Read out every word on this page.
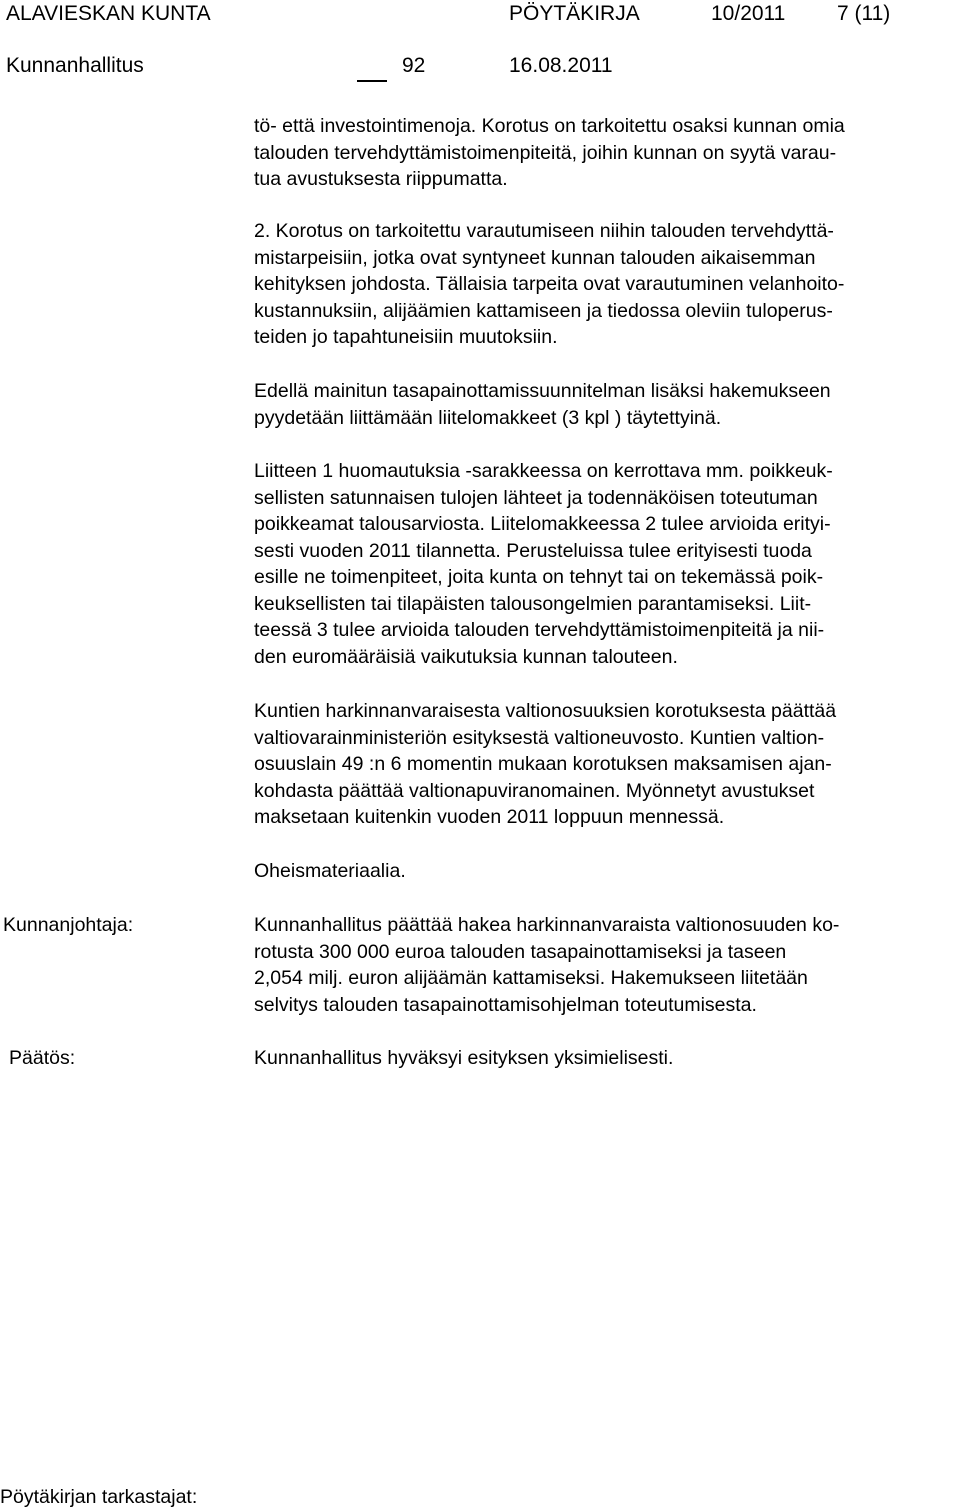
ALAVIESKAN KUNTA	PÖYTÄKIRJA	10/2011 7 (11)
Kunnanhallitus	92	16.08.2011
tö- että investointimenoja. Korotus on tarkoitettu osaksi kunnan omia
talouden tervehdyttämistoimenpiteitä, joihin kunnan on syytä varau-
tua avustuksesta riippumatta.
2. Korotus on tarkoitettu varautumiseen niihin talouden tervehdyttä-
mistarpeisiin, jotka ovat syntyneet kunnan talouden aikaisemman
kehityksen johdosta. Tällaisia tarpeita ovat varautuminen velanhoito-
kustannuksiin, alijäämien kattamiseen ja tiedossa oleviin tuloperus-
teiden jo tapahtuneisiin muutoksiin.
Edellä mainitun tasapainottamissuunnitelman lisäksi hakemukseen
pyydetään liittämään liitelomakkeet (3 kpl ) täytettyinä.
Liitteen 1 huomautuksia -sarakkeessa on kerrottava mm. poikkeuk-
sellisten satunnaisen tulojen lähteet ja todennäköisen toteutuman
poikkeamat talousarviosta. Liitelomakkeessa 2 tulee arvioida erityi-
sesti vuoden 2011 tilannetta. Perusteluissa tulee erityisesti tuoda
esille ne toimenpiteet, joita kunta on tehnyt tai on tekemässä poik-
keuksellisten tai tilapäisten talousongelmien parantamiseksi. Liit-
teessä 3 tulee arvioida talouden tervehdyttämistoimenpiteitä ja nii-
den euromääräisiä vaikutuksia kunnan talouteen.
Kuntien harkinnanvaraisesta valtionosuuksien korotuksesta päättää
valtiovarainministeriön esityksestä valtioneuvosto. Kuntien valtion-
osuuslain 49 :n 6 momentin mukaan korotuksen maksamisen ajan-
kohdasta päättää valtionapuviranomainen. Myönnetyt avustukset
maksetaan kuitenkin vuoden 2011 loppuun mennessä.
Oheismateriaalia.
Kunnanjohtaja:	Kunnanhallitus päättää hakea harkinnanvaraista valtionosuuden ko-
rotusta 300 000 euroa talouden tasapainottamiseksi ja taseen
2,054 milj. euron alijäämän kattamiseksi. Hakemukseen liitetään
selvitys talouden tasapainottamisohjelman toteutumisesta.
Päätös:	Kunnanhallitus hyväksyi esityksen yksimielisesti.
Pöytäkirjan tarkastajat:
